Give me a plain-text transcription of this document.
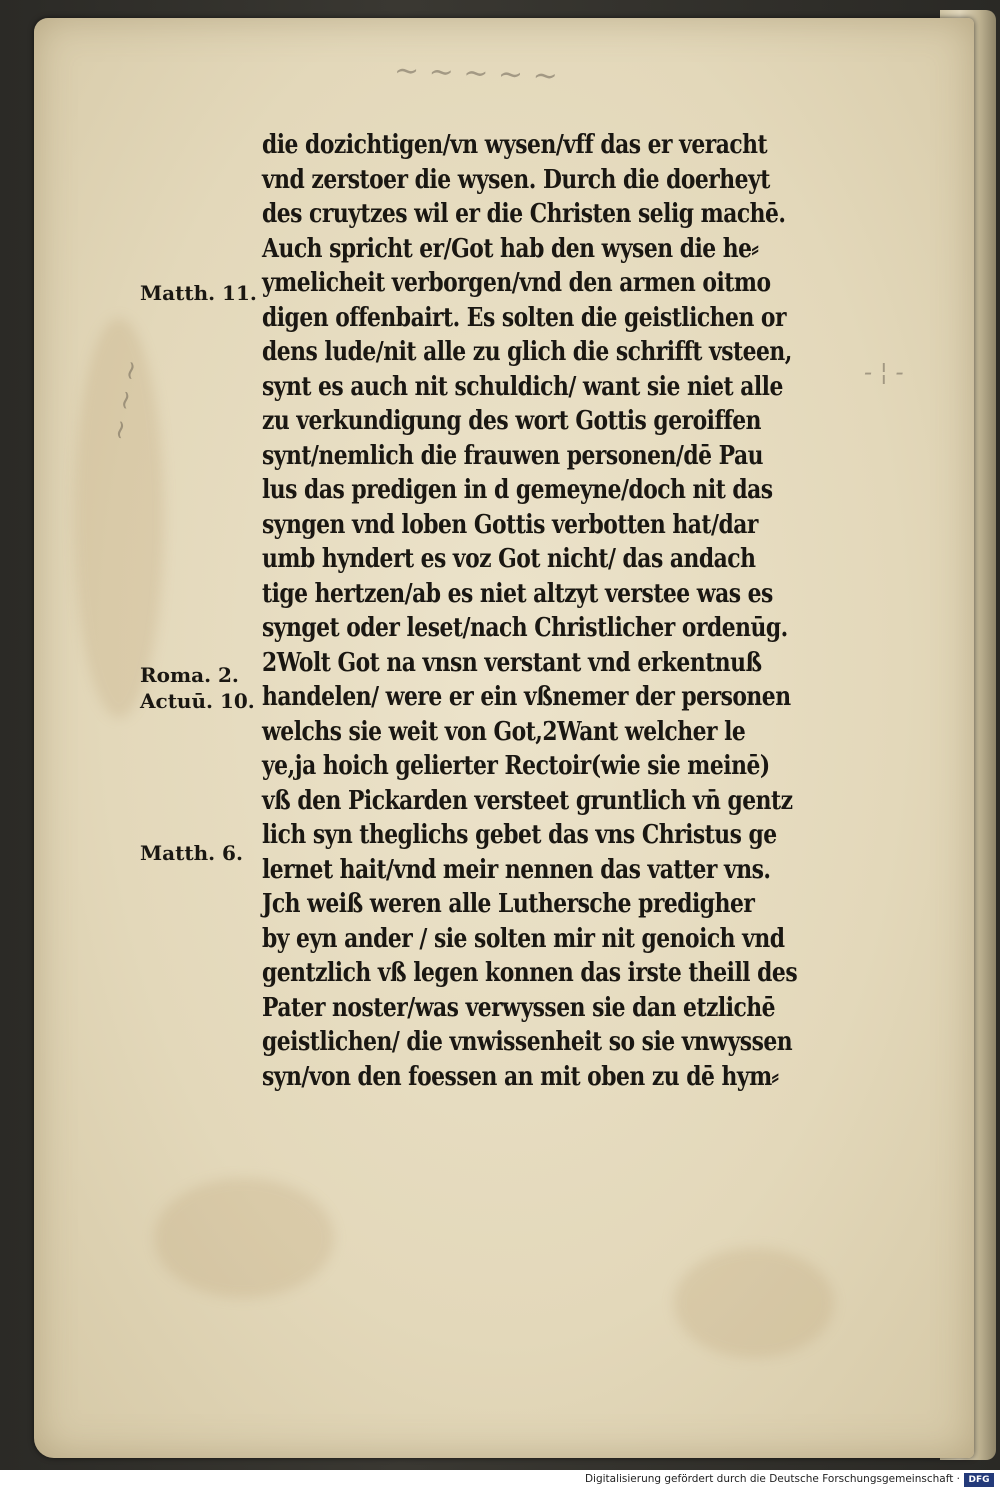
~ ~ ~ ~ ~
~ ~ ~	- ¦ -
die dozichtigen/vn wysen/vff das er veracht
vnd zerstoer die wysen. Durch die doerheyt
des cruytzes wil er die Christen selig machē.
Auch spricht er/Got hab den wysen die he⸗
ymelicheit verborgen/vnd den armen oitmo
digen offenbairt. Es solten die geistlichen or
dens lude/nit alle zu glich die schrifft vsteen,
synt es auch nit schuldich/ want sie niet alle
zu verkundigung des wort Gottis geroiffen
synt/nemlich die frauwen personen/dē Pau
lus das predigen in d gemeyne/doch nit das
syngen vnd loben Gottis verbotten hat/dar
umb hyndert es voz Got nicht/ das andach
tige hertzen/ab es niet altzyt verstee was es
synget oder leset/nach Christlicher ordenūg.
2Wolt Got na vnsn verstant vnd erkentnuß
handelen/ were er ein vßnemer der personen
welchs sie weit von Got,2Want welcher le
ye,ja hoich gelierter Rectoir(wie sie meinē)
vß den Pickarden versteet gruntlich vn̄ gentz
lich syn theglichs gebet das vns Christus ge
lernet hait/vnd meir nennen das vatter vns.
Jch weiß weren alle Luthersche predigher
by eyn ander / sie solten mir nit genoich vnd
gentzlich vß legen konnen das irste theill des
Pater noster/was verwyssen sie dan etzlichē
geistlichen/ die vnwissenheit so sie vnwyssen
syn/von den foessen an mit oben zu dē hym⸗
Matth. 11.
Roma. 2.
Actuū. 10.
Matth. 6.
Digitalisierung gefördert durch die Deutsche Forschungsgemeinschaft · DFG
